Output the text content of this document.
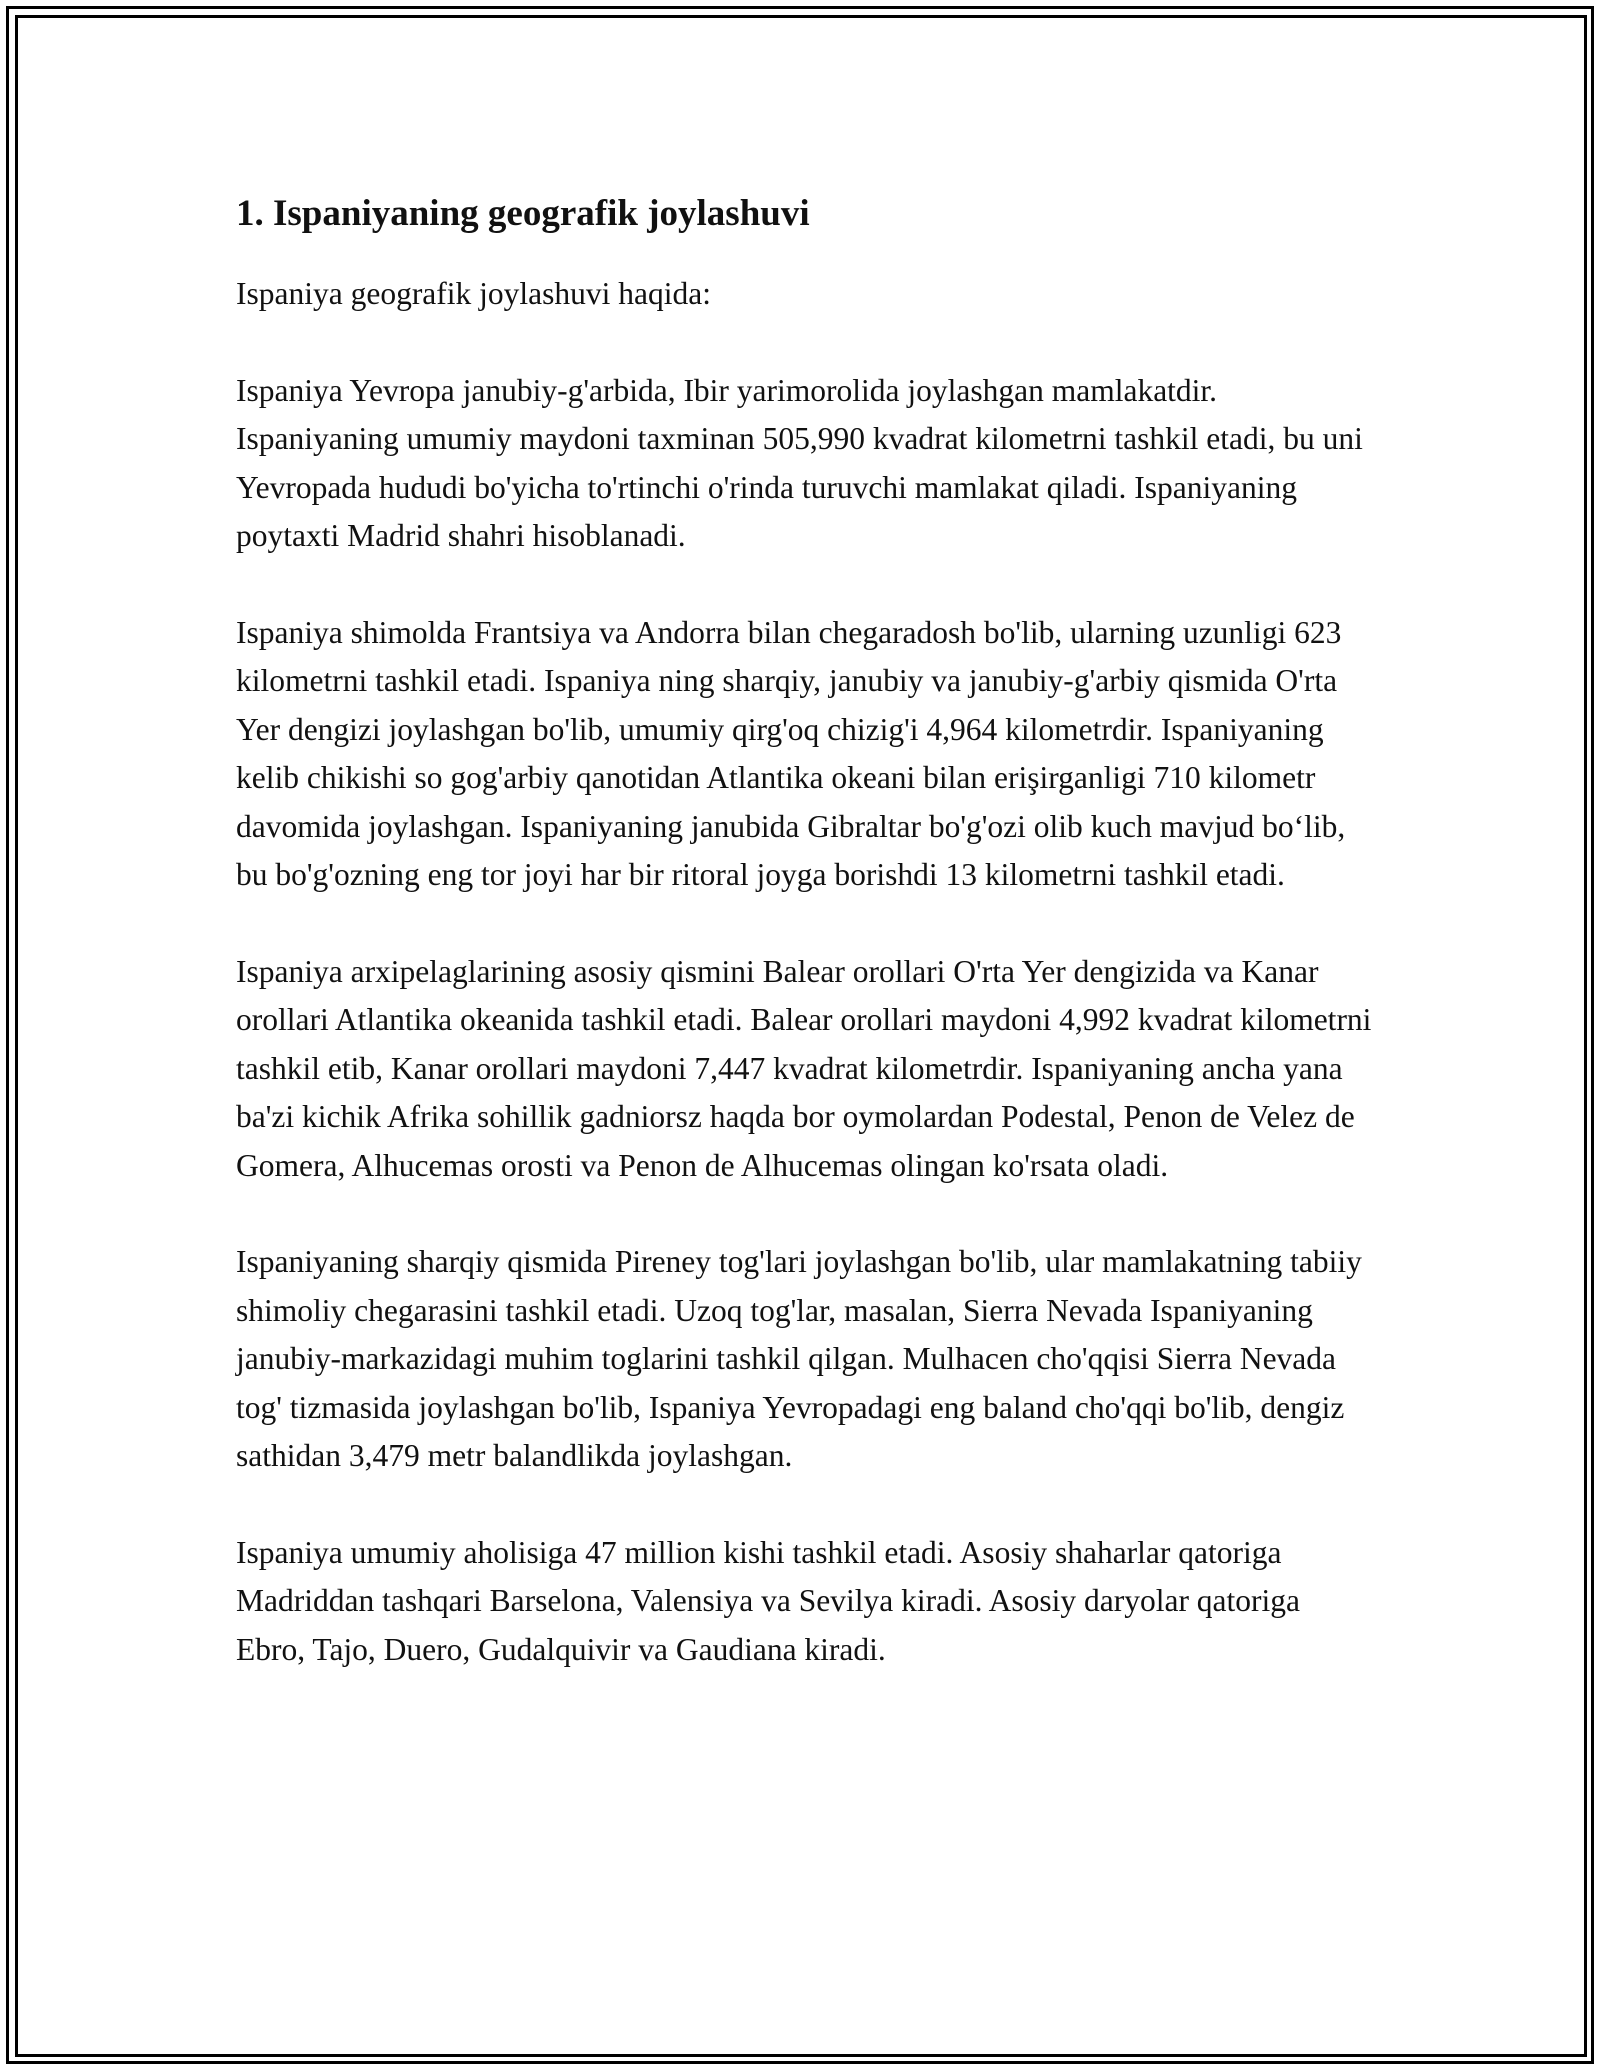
1. Ispaniyaning geografik joylashuvi

Ispaniya geografik joylashuvi haqida:

Ispaniya Yevropa janubiy-g'arbida, Ibir yarimorolida joylashgan mamlakatdir. Ispaniyaning umumiy maydoni taxminan 505,990 kvadrat kilometrni tashkil etadi, bu uni Yevropada hududi bo'yicha to'rtinchi o'rinda turuvchi mamlakat qiladi. Ispaniyaning poytaxti Madrid shahri hisoblanadi.

Ispaniya shimolda Frantsiya va Andorra bilan chegaradosh bo'lib, ularning uzunligi 623 kilometrni tashkil etadi. Ispaniya ning sharqiy, janubiy va janubiy-g'arbiy qismida O'rta Yer dengizi joylashgan bo'lib, umumiy qirg'oq chizig'i 4,964 kilometrdir. Ispaniyaning kelib chikishi so gog'arbiy qanotidan Atlantika okeani bilan erişirganligi 710 kilometr davomida joylashgan. Ispaniyaning janubida Gibraltar bo'g'ozi olib kuch mavjud bo‘lib, bu bo'g'ozning eng tor joyi har bir ritoral joyga borishdi 13 kilometrni tashkil etadi.

Ispaniya arxipelaglarining asosiy qismini Balear orollari O'rta Yer dengizida va Kanar orollari Atlantika okeanida tashkil etadi. Balear orollari maydoni 4,992 kvadrat kilometrni tashkil etib, Kanar orollari maydoni 7,447 kvadrat kilometrdir. Ispaniyaning ancha yana ba'zi kichik Afrika sohillik gadniorsz haqda bor oymolardan Podestal, Penon de Velez de Gomera, Alhucemas orosti va Penon de Alhucemas olingan ko'rsata oladi.

Ispaniyaning sharqiy qismida Pireney tog'lari joylashgan bo'lib, ular mamlakatning tabiiy shimoliy chegarasini tashkil etadi. Uzoq tog'lar, masalan, Sierra Nevada Ispaniyaning janubiy-markazidagi muhim toglarini tashkil qilgan. Mulhacen cho'qqisi Sierra Nevada tog' tizmasida joylashgan bo'lib, Ispaniya Yevropadagi eng baland cho'qqi bo'lib, dengiz sathidan 3,479 metr balandlikda joylashgan.

Ispaniya umumiy aholisiga 47 million kishi tashkil etadi. Asosiy shaharlar qatoriga Madriddan tashqari Barselona, Valensiya va Sevilya kiradi. Asosiy daryolar qatoriga Ebro, Tajo, Duero, Gudalquivir va Gaudiana kiradi.
